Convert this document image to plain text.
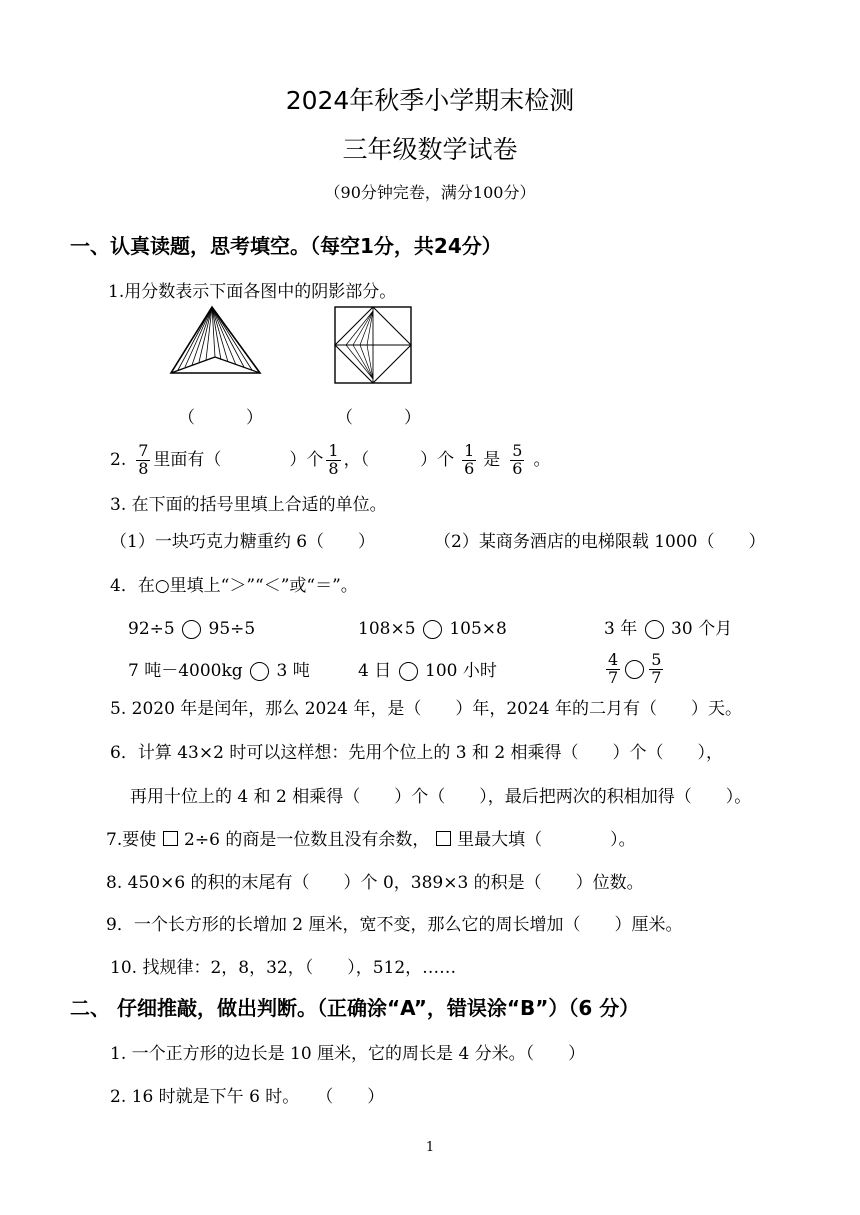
2024年秋季小学期末检测
三年级数学试卷
（90分钟完卷，满分100分）
一、认真读题，思考填空。（每空1分，共24分）
1.用分数表示下面各图中的阴影部分。
（　　　）	（　　　）
2. $\frac{7}{8}$ 里面有（　　　　）个 $\frac{1}{8}$ ，（　　　）个 $\frac{1}{6}$ 是 $\frac{5}{6}$ 。
3. 在下面的括号里填上合适的单位。
（1）一块巧克力糖重约 6（　　）	（2）某商务酒店的电梯限载 1000（　　）
4．在○里填上“＞”“＜”或“＝”。
92÷5 95÷5	108×5 105×8	3 年 30 个月
7 吨－4000kg 3 吨	4 日 100 小时	$\frac{4}{7} \frac{5}{7}$
5. 2020 年是闰年，那么 2024 年，是（　　）年，2024 年的二月有（　　）天。
6．计算 43×2 时可以这样想：先用个位上的 3 和 2 相乘得（　　）个（　　），
再用十位上的 4 和 2 相乘得（　　）个（　　），最后把两次的积相加得（　　）。
7.要使 2÷6 的商是一位数且没有余数， 里最大填（　　　　）。
8. 450×6 的积的末尾有（　　）个 0，389×3 的积是（　　）位数。
9．一个长方形的长增加 2 厘米，宽不变，那么它的周长增加（　　）厘米。
10. 找规律：2，8，32，（　　），512，……
二、 仔细推敲，做出判断。（正确涂“A”，错误涂“B”）（6 分）
1. 一个正方形的边长是 10 厘米，它的周长是 4 分米。（　　）
2. 16 时就是下午 6 时。　　（　　）
1
